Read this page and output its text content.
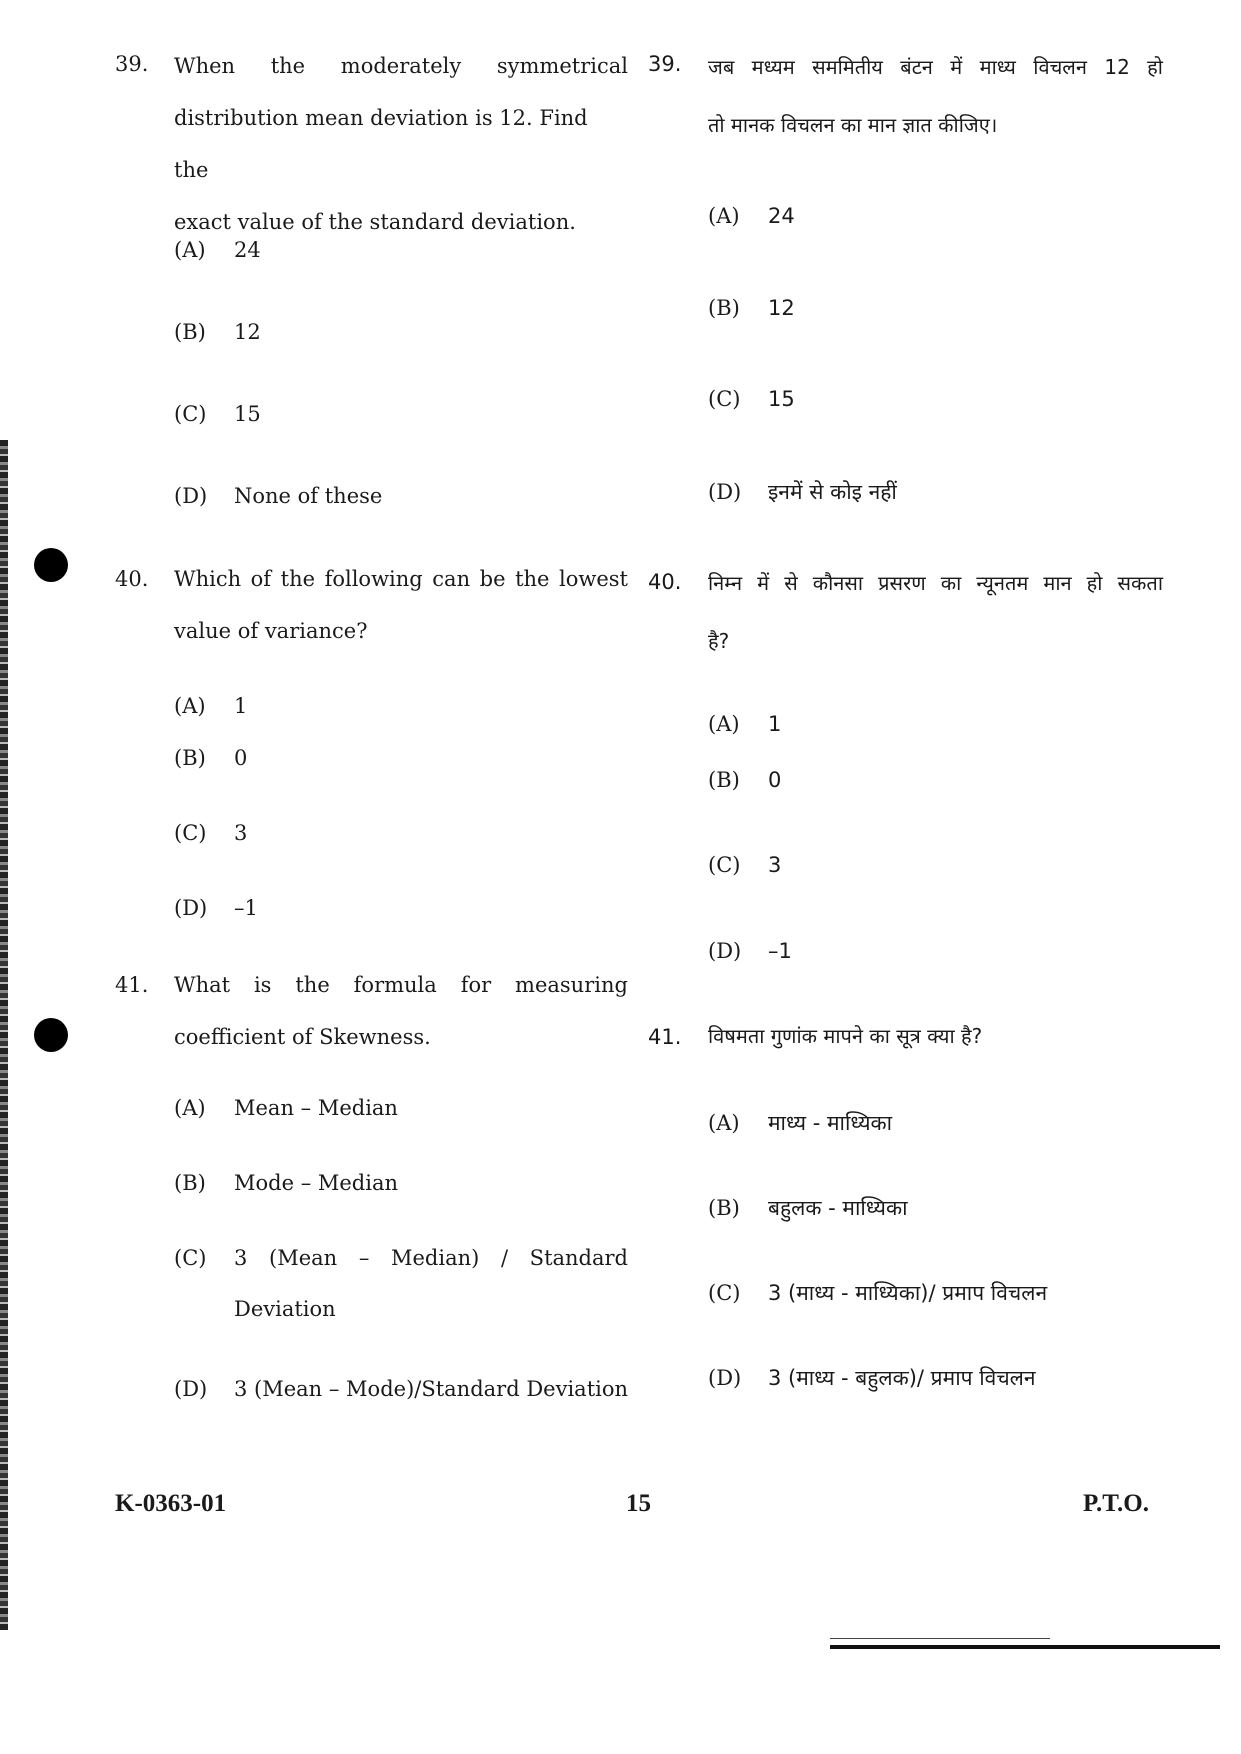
39. When the moderately symmetrical
distribution mean deviation is 12. Find the
exact value of the standard deviation.
(A) 24
(B) 12
(C) 15
(D) None of these
40. Which of the following can be the lowest
value of variance?
(A) 1
(B) 0
(C) 3
(D) –1
41. What is the formula for measuring
coefficient of Skewness.
(A) Mean – Median
(B) Mode – Median
(C)	3 (Mean – Median) / Standard
Deviation
(D) 3 (Mean – Mode)/Standard Deviation
39. जब मध्यम सममितीय बंटन में माध्य विचलन 12 हो
तो मानक विचलन का मान ज्ञात कीजिए।
(A) 24
(B) 12
(C) 15
(D) इनमें से कोइ नहीं
40. निम्न में से कौनसा प्रसरण का न्यूनतम मान हो सकता
है?
(A) 1
(B) 0
(C) 3
(D) –1
41. विषमता गुणांक मापने का सूत्र क्या है?
(A) माध्य - माध्यिका
(B) बहुलक - माध्यिका
(C) 3 (माध्य - माध्यिका)/ प्रमाप विचलन
(D) 3 (माध्य - बहुलक)/ प्रमाप विचलन
K-0363-01	15	P.T.O.
